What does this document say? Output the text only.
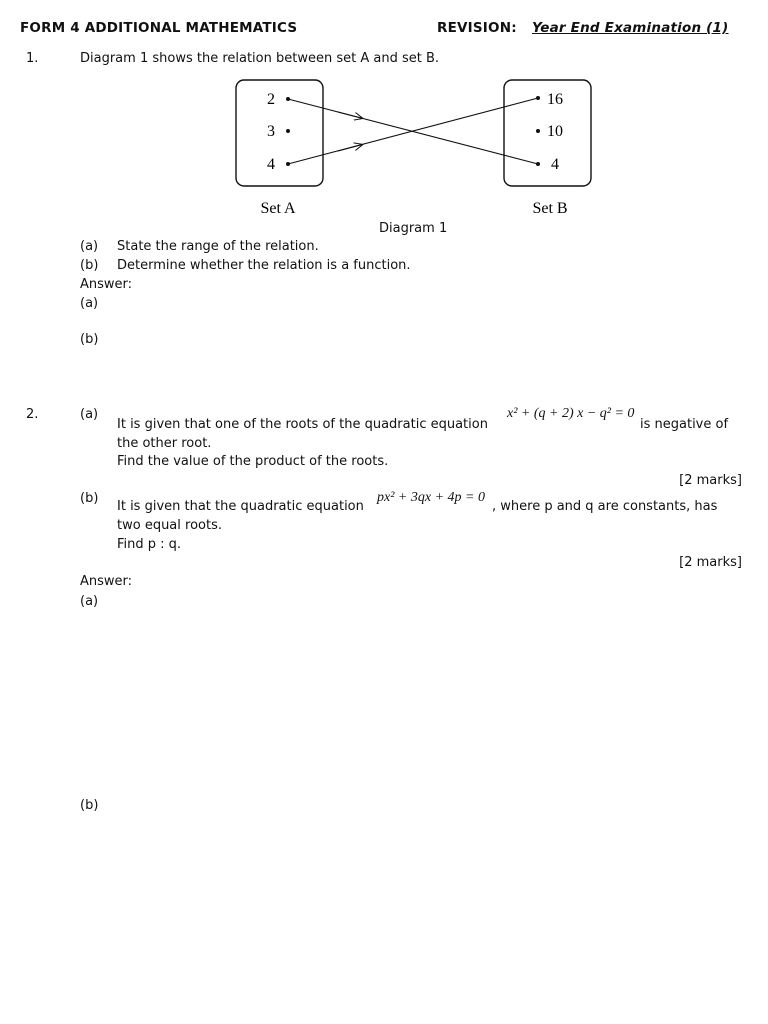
FORM 4 ADDITIONAL MATHEMATICS	REVISION: Year End Examination (1)
1.	Diagram 1 shows the relation between set A and set B.
2
3
4
16
10
4
Set A	Set B
Diagram 1
(a) State the range of the relation.
(b) Determine whether the relation is a function.
Answer:
(a)
(b)
2.	(a)
It is given that one of the roots of the quadratic equation
x² + (q + 2) x − q² = 0
is negative of
the other root.
Find the value of the product of the roots.
[2 marks]
(b)
It is given that the quadratic equation
px² + 3qx + 4p = 0
, where p and q are constants, has
two equal roots.
Find p : q.
[2 marks]
Answer:
(a)
(b)
